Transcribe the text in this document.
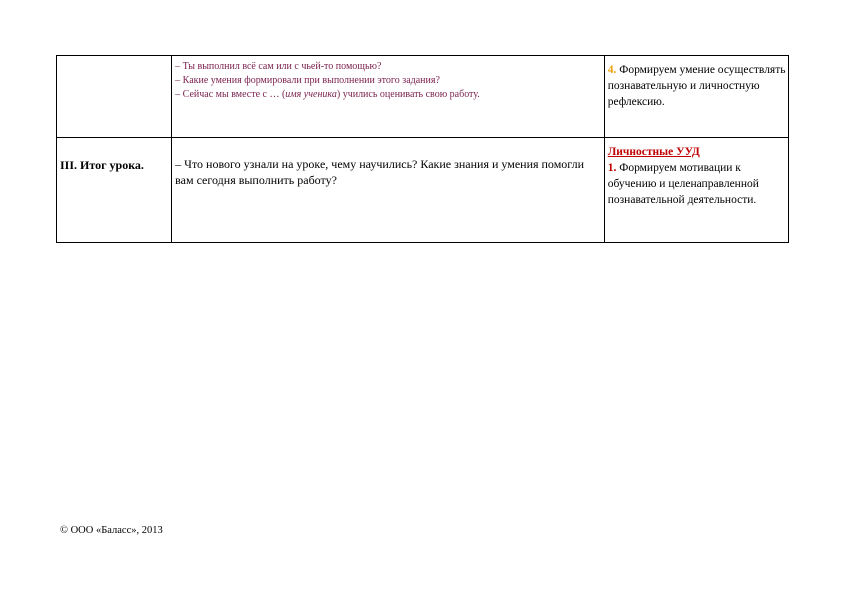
	– Ты выполнил всё сам или с чьей-то помощью?
– Какие умения формировали при выполнении этого задания?
– Сейчас мы вместе с … (имя ученика) учились оценивать свою работу.	4. Формируем умение осуществлять познавательную и личностную рефлексию.

III. Итог урока.	– Что нового узнали на уроке, чему научились? Какие знания и умения помогли вам сегодня выполнить работу?	Личностные УУД
1. Формируем мотивации к обучению и целенаправленной познавательной деятельности.
© ООО «Баласс», 2013
